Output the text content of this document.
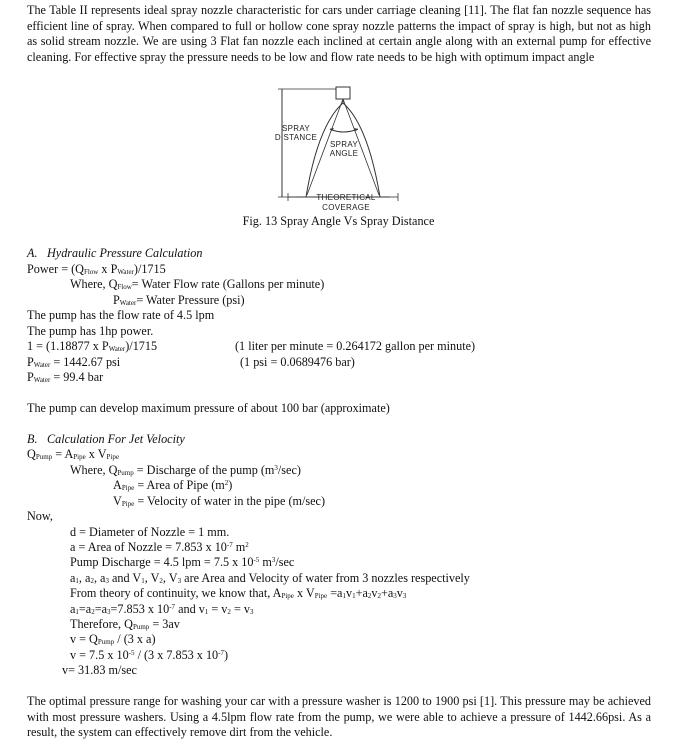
The Table II represents ideal spray nozzle characteristic for cars under carriage cleaning [11]. The flat fan nozzle sequence has efficient line of spray. When compared to full or hollow cone spray nozzle patterns the impact of spray is high, but not as high as solid stream nozzle. We are using 3 Flat fan nozzle each inclined at certain angle along with an external pump for effective cleaning. For effective spray the pressure needs to be low and flow rate needs to be high with optimum impact angle
SPRAY
DISTANCE
SPRAY
ANGLE
THEORETICAL
COVERAGE
Fig. 13 Spray Angle Vs Spray Distance
A. Hydraulic Pressure Calculation
Power = ($Q_{Flow}$ x $P_{Water})/1715$
Where, $Q_{Flow}=$ Water Flow rate (Gallons per minute)
$P_{Water}=$ Water Pressure (psi)
The pump has the flow rate of 4.5 lpm
The pump has 1hp power.
1 = (1.18877 x $P_{Water})/1715$	(1 liter per minute = 0.264172 gallon per minute)
$P_{Water} = 1442.67$ psi	(1 psi = 0.0689476 bar)
$P_{Water} = 99.4$ bar
The pump can develop maximum pressure of about 100 bar (approximate)
B. Calculation For Jet Velocity
$Q_{Pump} = A_{Pipe}$ x $V_{Pipe}$
Where, $Q_{Pump}$ = Discharge of the pump $(m^3/\sec)$
$A_{Pipe}$ = Area of Pipe $(m^2)$
$V_{Pipe}$ = Velocity of water in the pipe (m/sec)
Now,
d = Diameter of Nozzle = 1 mm.
a = Area of Nozzle = 7.853 x $10^{-7}$ $m^2$
Pump Discharge = 4.5 lpm = 7.5 x $10^{-5}$ $m^3/\sec$
$a_1$, $a_2$, $a_3$ and $V_1$, $V_2$, $V_3$ are Area and Velocity of water from 3 nozzles respectively
From theory of continuity, we know that, $A_{Pipe}$ x $V_{Pipe} =a_1v_1+a_2v_2+a_3v_3$
$a_1=a_2=a_3=7.853$ x $10^{-7}$ and $v_1 = v_2 = v_3$
Therefore, $Q_{Pump} = 3av$
$v = Q_{Pump} / (3$ x a)
v = 7.5 x $10^{-5} / (3$ x 7.853 x $10^{-7}$)
v= 31.83 m/sec
The optimal pressure range for washing your car with a pressure washer is 1200 to 1900 psi [1]. This pressure may be achieved with most pressure washers. Using a 4.5lpm flow rate from the pump, we were able to achieve a pressure of 1442.66psi. As a result, the system can effectively remove dirt from the vehicle.
